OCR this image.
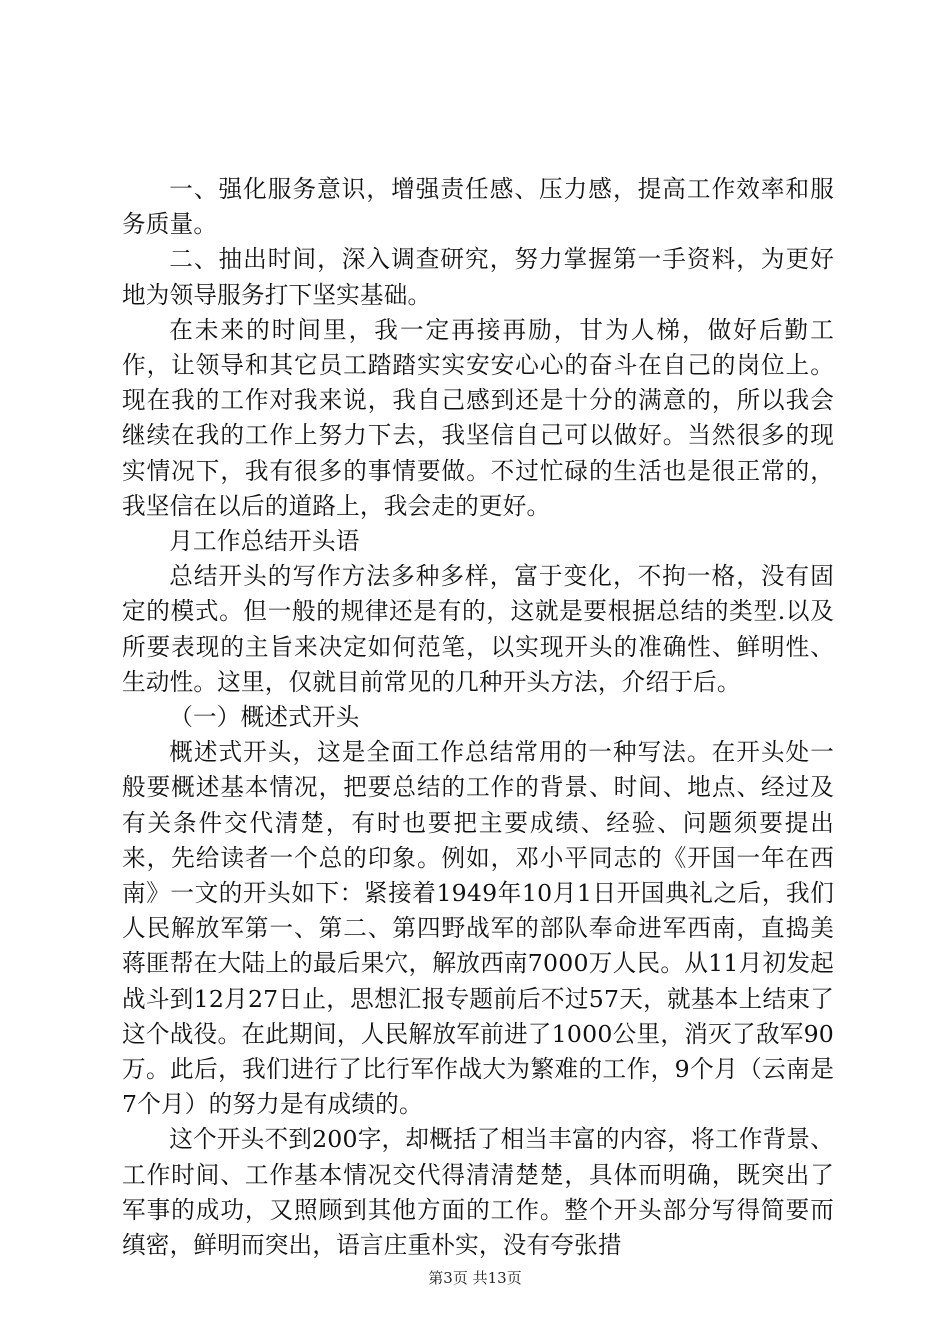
一、强化服务意识，增强责任感、压力感，提高工作效率和服务质量。

二、抽出时间，深入调查研究，努力掌握第一手资料，为更好地为领导服务打下坚实基础。

在未来的时间里，我一定再接再励，甘为人梯，做好后勤工作，让领导和其它员工踏踏实实安安心心的奋斗在自己的岗位上。现在我的工作对我来说，我自己感到还是十分的满意的，所以我会继续在我的工作上努力下去，我坚信自己可以做好。当然很多的现实情况下，我有很多的事情要做。不过忙碌的生活也是很正常的，我坚信在以后的道路上，我会走的更好。

月工作总结开头语

总结开头的写作方法多种多样，富于变化，不拘一格，没有固定的模式。但一般的规律还是有的，这就是要根据总结的类型.以及所要表现的主旨来决定如何范笔，以实现开头的准确性、鲜明性、生动性。这里，仅就目前常见的几种开头方法，介绍于后。

（一）概述式开头

概述式开头，这是全面工作总结常用的一种写法。在开头处一般要概述基本情况，把要总结的工作的背景、时间、地点、经过及有关条件交代清楚，有时也要把主要成绩、经验、问题须要提出来，先给读者一个总的印象。例如，邓小平同志的《开国一年在西南》一文的开头如下：紧接着1949年10月1日开国典礼之后，我们人民解放军第一、第二、第四野战军的部队奉命进军西南，直捣美蒋匪帮在大陆上的最后果穴，解放西南7000万人民。从11月初发起战斗到12月27日止，思想汇报专题前后不过57天，就基本上结束了这个战役。在此期间，人民解放军前进了1000公里，消灭了敌军90万。此后，我们进行了比行军作战大为繁难的工作，9个月（云南是7个月）的努力是有成绩的。

这个开头不到200字，却概括了相当丰富的内容，将工作背景、工作时间、工作基本情况交代得清清楚楚，具体而明确，既突出了军事的成功，又照顾到其他方面的工作。整个开头部分写得简要而缜密，鲜明而突出，语言庄重朴实，没有夸张措

第3页 共13页
